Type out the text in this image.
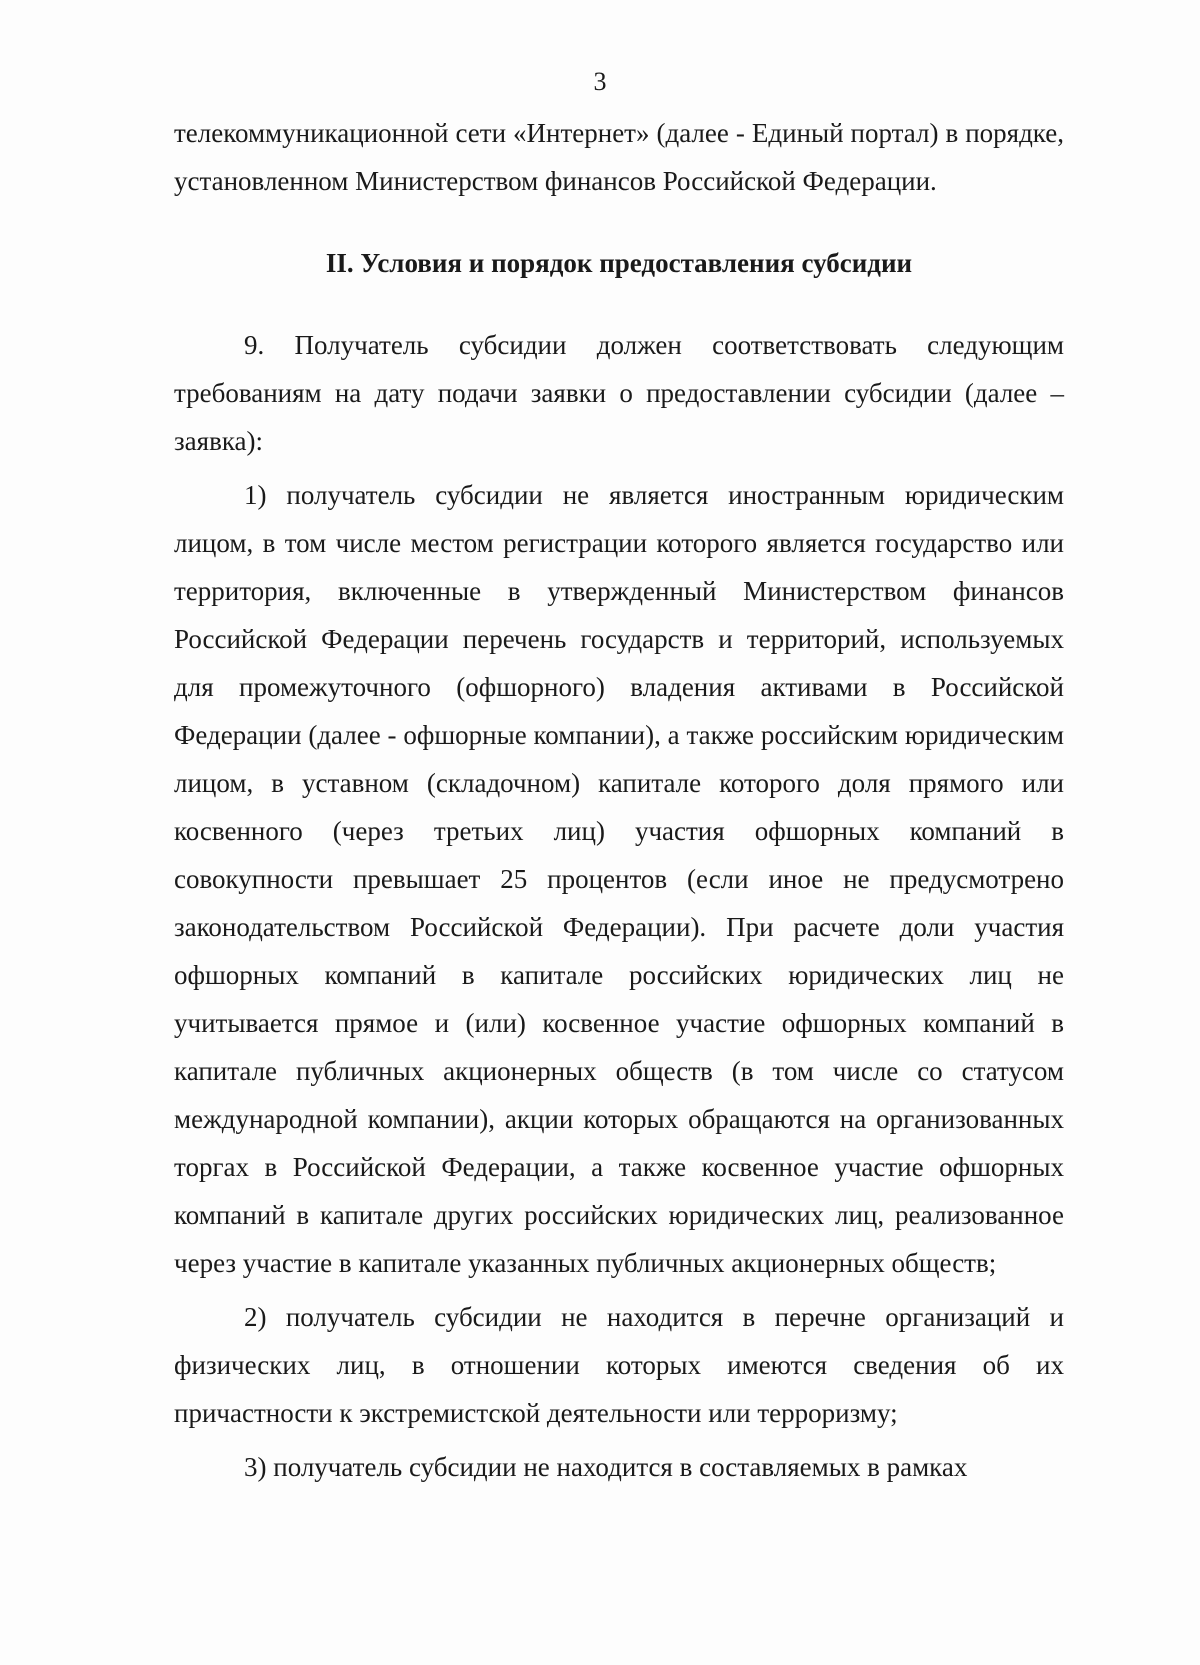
3

телекоммуникационной сети «Интернет» (далее - Единый портал) в порядке, установленном Министерством финансов Российской Федерации.

II. Условия и порядок предоставления субсидии

9. Получатель субсидии должен соответствовать следующим требованиям на дату подачи заявки о предоставлении субсидии (далее – заявка):

1) получатель субсидии не является иностранным юридическим лицом, в том числе местом регистрации которого является государство или территория, включенные в утвержденный Министерством финансов Российской Федерации перечень государств и территорий, используемых для промежуточного (офшорного) владения активами в Российской Федерации (далее - офшорные компании), а также российским юридическим лицом, в уставном (складочном) капитале которого доля прямого или косвенного (через третьих лиц) участия офшорных компаний в совокупности превышает 25 процентов (если иное не предусмотрено законодательством Российской Федерации). При расчете доли участия офшорных компаний в капитале российских юридических лиц не учитывается прямое и (или) косвенное участие офшорных компаний в капитале публичных акционерных обществ (в том числе со статусом международной компании), акции которых обращаются на организованных торгах в Российской Федерации, а также косвенное участие офшорных компаний в капитале других российских юридических лиц, реализованное через участие в капитале указанных публичных акционерных обществ;

2) получатель субсидии не находится в перечне организаций и физических лиц, в отношении которых имеются сведения об их причастности к экстремистской деятельности или терроризму;

3) получатель субсидии не находится в составляемых в рамках
